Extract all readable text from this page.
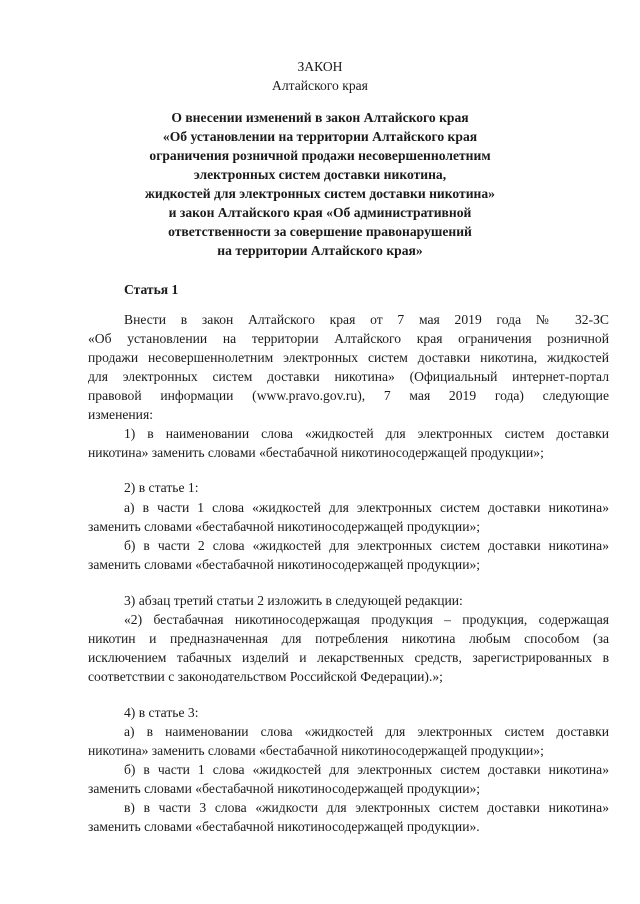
ЗАКОН
Алтайского края
О внесении изменений в закон Алтайского края
«Об установлении на территории Алтайского края
ограничения розничной продажи несовершеннолетним
электронных систем доставки никотина,
жидкостей для электронных систем доставки никотина»
и закон Алтайского края «Об административной
ответственности за совершение правонарушений
на территории Алтайского края»
Статья 1
Внести в закон Алтайского края от 7 мая 2019 года № 32-ЗС
«Об установлении на территории Алтайского края ограничения розничной
продажи несовершеннолетним электронных систем доставки никотина, жидкостей
для электронных систем доставки никотина» (Официальный интернет-портал
правовой информации (www.pravo.gov.ru), 7 мая 2019 года) следующие
изменения:
1) в наименовании слова «жидкостей для электронных систем доставки
никотина» заменить словами «бестабачной никотиносодержащей продукции»;
2) в статье 1:
а) в части 1 слова «жидкостей для электронных систем доставки никотина»
заменить словами «бестабачной никотиносодержащей продукции»;
б) в части 2 слова «жидкостей для электронных систем доставки никотина»
заменить словами «бестабачной никотиносодержащей продукции»;
3) абзац третий статьи 2 изложить в следующей редакции:
«2) бестабачная никотиносодержащая продукция – продукция, содержащая
никотин и предназначенная для потребления никотина любым способом (за
исключением табачных изделий и лекарственных средств, зарегистрированных в
соответствии с законодательством Российской Федерации).»;
4) в статье 3:
а) в наименовании слова «жидкостей для электронных систем доставки
никотина» заменить словами «бестабачной никотиносодержащей продукции»;
б) в части 1 слова «жидкостей для электронных систем доставки никотина»
заменить словами «бестабачной никотиносодержащей продукции»;
в) в части 3 слова «жидкости для электронных систем доставки никотина»
заменить словами «бестабачной никотиносодержащей продукции».
